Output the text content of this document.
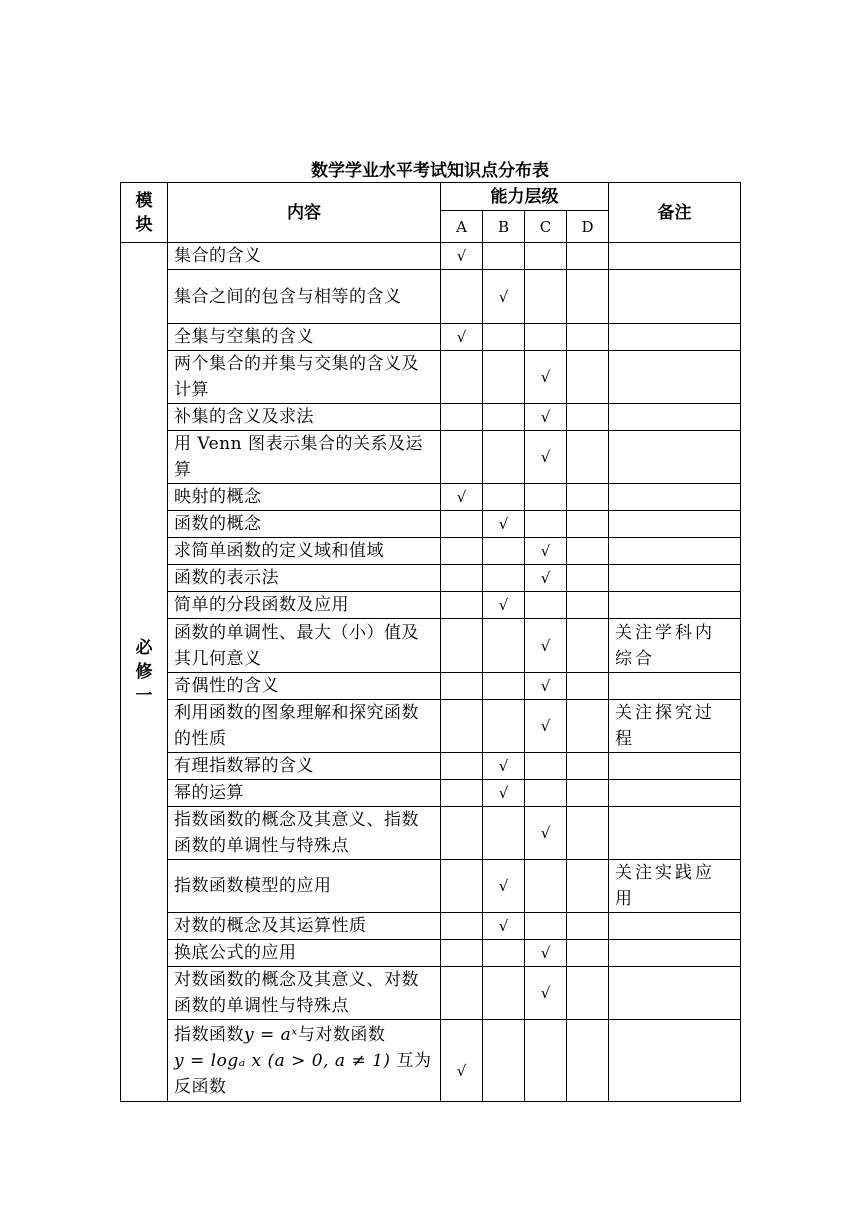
数学学业水平考试知识点分布表
模块	内容	能力层级				备注
		A	B	C	D	

必修一	集合的含义	√				
	集合之间的包含与相等的含义		√			
	全集与空集的含义	√				
	两个集合的并集与交集的含义及计算			√		
	补集的含义及求法			√		
	用 Venn 图表示集合的关系及运算			√		
	映射的概念	√				
	函数的概念		√			
	求简单函数的定义域和值域			√		
	函数的表示法			√		
	简单的分段函数及应用		√			
	函数的单调性、最大（小）值及其几何意义			√		关注学科内综合
	奇偶性的含义			√		
	利用函数的图象理解和探究函数的性质			√		关注探究过程
	有理指数幂的含义		√			
	幂的运算		√			
	指数函数的概念及其意义、指数函数的单调性与特殊点			√		
	指数函数模型的应用		√			关注实践应用
	对数的概念及其运算性质		√			
	换底公式的应用			√		
	对数函数的概念及其意义、对数函数的单调性与特殊点			√		

	指数函数y = aˣ与对数函数
y = logₐ x (a > 0, a ≠ 1) 互为反函数	√				
